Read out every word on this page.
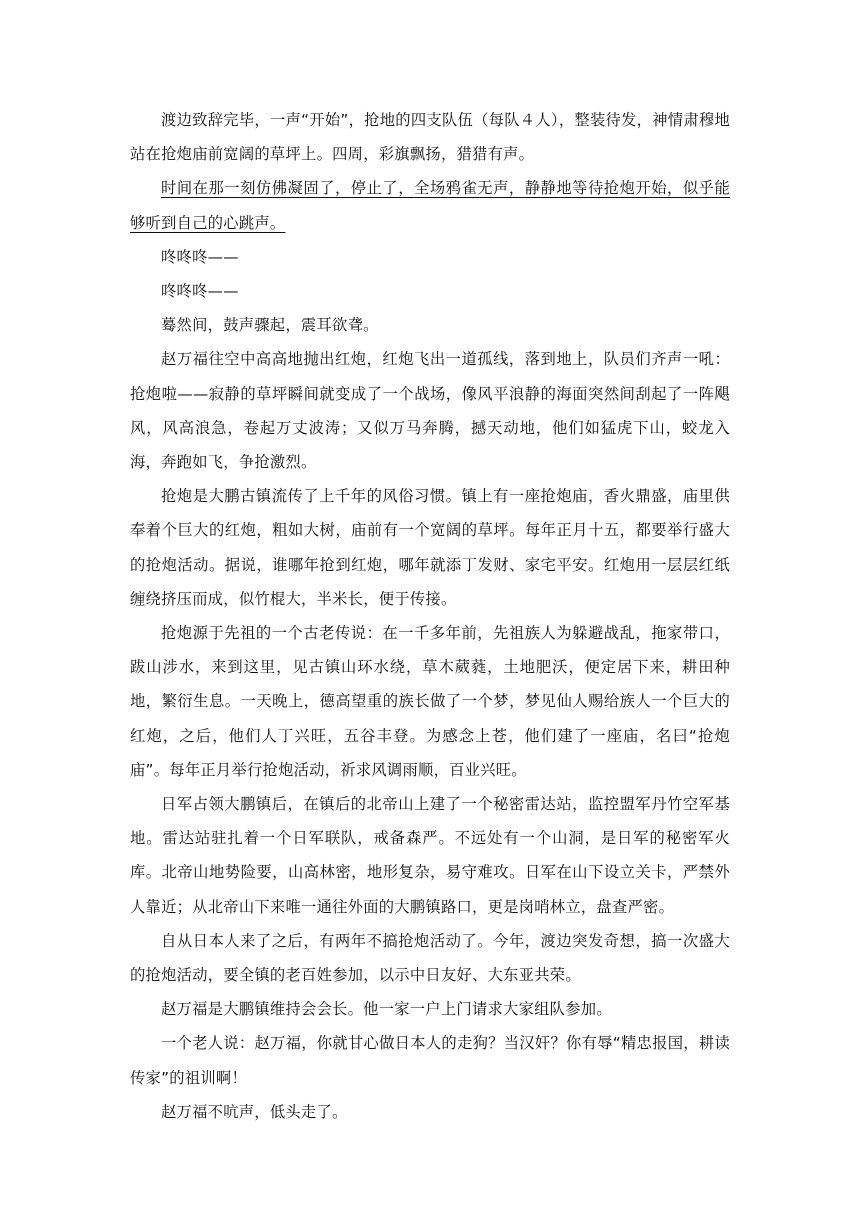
渡边致辞完毕，一声“开始”，抢地的四支队伍（每队４人），整装待发，神情肃穆地站在抢炮庙前宽阔的草坪上。四周，彩旗飘扬，猎猎有声。

时间在那一刻仿佛凝固了，停止了，全场鸦雀无声，静静地等待抢炮开始，似乎能够听到自己的心跳声。

咚咚咚——

咚咚咚——

蓦然间，鼓声骤起，震耳欲聋。

赵万福往空中高高地抛出红炮，红炮飞出一道孤线，落到地上，队员们齐声一吼：抢炮啦——寂静的草坪瞬间就变成了一个战场，像风平浪静的海面突然间刮起了一阵飓风，风高浪急，卷起万丈波涛；又似万马奔腾，撼天动地，他们如猛虎下山，蛟龙入海，奔跑如飞，争抢激烈。

抢炮是大鹏古镇流传了上千年的风俗习惯。镇上有一座抢炮庙，香火鼎盛，庙里供奉着个巨大的红炮，粗如大树，庙前有一个宽阔的草坪。每年正月十五，都要举行盛大的抢炮活动。据说，谁哪年抢到红炮，哪年就添丁发财、家宅平安。红炮用一层层红纸缠绕挤压而成，似竹棍大，半米长，便于传接。

抢炮源于先祖的一个古老传说：在一千多年前，先祖族人为躲避战乱，拖家带口，跋山涉水，来到这里，见古镇山环水绕，草木葳蕤，土地肥沃，便定居下来，耕田种地，繁衍生息。一天晚上，德高望重的族长做了一个梦，梦见仙人赐给族人一个巨大的红炮，之后，他们人丁兴旺，五谷丰登。为感念上苍，他们建了一座庙，名曰“抢炮庙”。每年正月举行抢炮活动，祈求风调雨顺，百业兴旺。

日军占领大鹏镇后，在镇后的北帝山上建了一个秘密雷达站，监控盟军丹竹空军基地。雷达站驻扎着一个日军联队，戒备森严。不远处有一个山洞，是日军的秘密军火库。北帝山地势险要，山高林密，地形复杂，易守难攻。日军在山下设立关卡，严禁外人靠近；从北帝山下来唯一通往外面的大鹏镇路口，更是岗哨林立，盘查严密。

自从日本人来了之后，有两年不搞抢炮活动了。今年，渡边突发奇想，搞一次盛大的抢炮活动，要全镇的老百姓参加，以示中日友好、大东亚共荣。

赵万福是大鹏镇维持会会长。他一家一户上门请求大家组队参加。

一个老人说：赵万福，你就甘心做日本人的走狗？当汉奸？你有辱“精忠报国，耕读传家”的祖训啊！

赵万福不吭声，低头走了。
